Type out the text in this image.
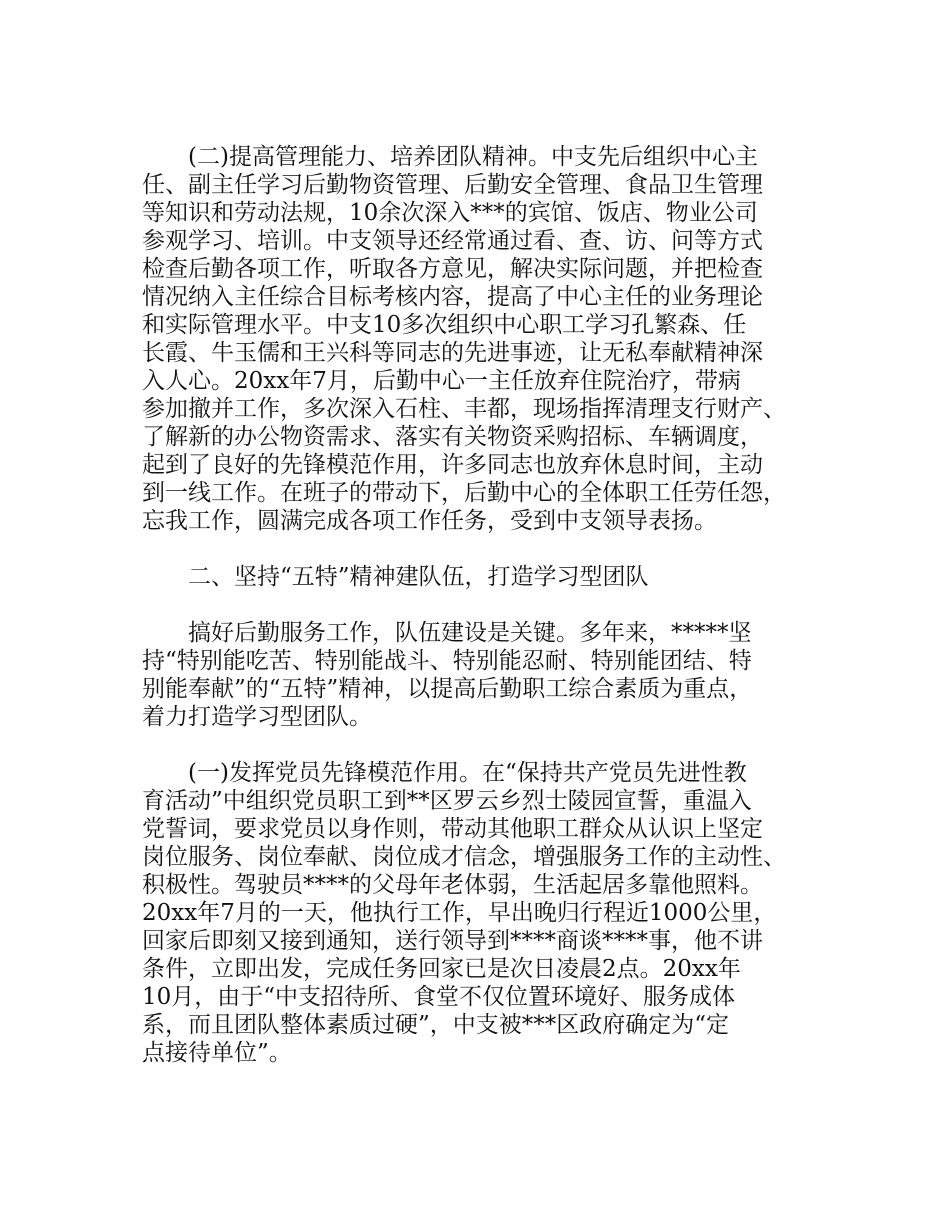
　　(二)提高管理能力、培养团队精神。中支先后组织中心主
任、副主任学习后勤物资管理、后勤安全管理、食品卫生管理
等知识和劳动法规，10余次深入***的宾馆、饭店、物业公司
参观学习、培训。中支领导还经常通过看、查、访、问等方式
检查后勤各项工作，听取各方意见，解决实际问题，并把检查
情况纳入主任综合目标考核内容，提高了中心主任的业务理论
和实际管理水平。中支10多次组织中心职工学习孔繁森、任
长霞、牛玉儒和王兴科等同志的先进事迹，让无私奉献精神深
入人心。20xx年7月，后勤中心一主任放弃住院治疗，带病
参加撤并工作，多次深入石柱、丰都，现场指挥清理支行财产、
了解新的办公物资需求、落实有关物资采购招标、车辆调度，
起到了良好的先锋模范作用，许多同志也放弃休息时间，主动
到一线工作。在班子的带动下，后勤中心的全体职工任劳任怨，
忘我工作，圆满完成各项工作任务，受到中支领导表扬。

　　二、坚持“五特”精神建队伍，打造学习型团队

　　搞好后勤服务工作，队伍建设是关键。多年来，*****坚
持“特别能吃苦、特别能战斗、特别能忍耐、特别能团结、特
别能奉献”的“五特”精神，以提高后勤职工综合素质为重点，
着力打造学习型团队。

　　(一)发挥党员先锋模范作用。在“保持共产党员先进性教
育活动”中组织党员职工到**区罗云乡烈士陵园宣誓，重温入
党誓词，要求党员以身作则，带动其他职工群众从认识上坚定
岗位服务、岗位奉献、岗位成才信念，增强服务工作的主动性、
积极性。驾驶员****的父母年老体弱，生活起居多靠他照料。
20xx年7月的一天，他执行工作，早出晚归行程近1000公里，
回家后即刻又接到通知，送行领导到****商谈****事，他不讲
条件，立即出发，完成任务回家已是次日凌晨2点。20xx年
10月，由于“中支招待所、食堂不仅位置环境好、服务成体
系，而且团队整体素质过硬”，中支被***区政府确定为“定
点接待单位”。
